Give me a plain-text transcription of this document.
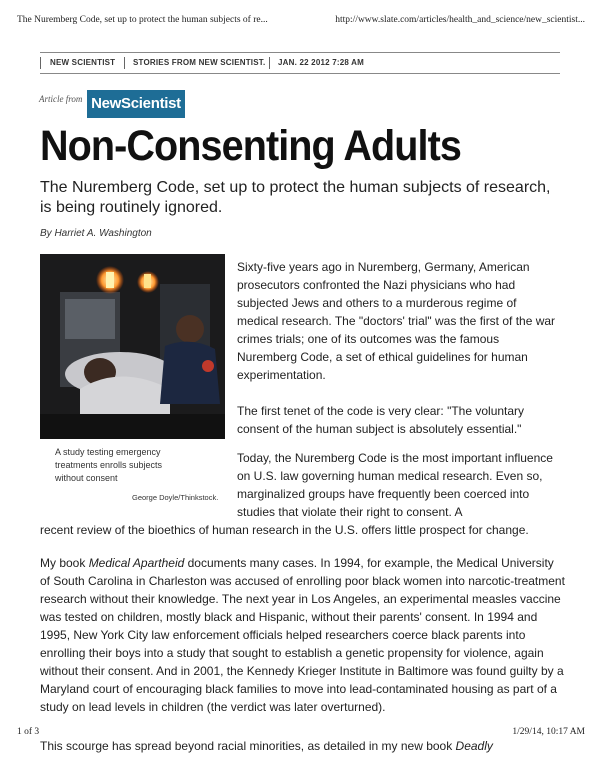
The Nuremberg Code, set up to protect the human subjects of re...	http://www.slate.com/articles/health_and_science/new_scientist...
NEW SCIENTIST STORIES FROM NEW SCIENTIST. JAN. 22 2012 7:28 AM
Article from NewScientist
Non-Consenting Adults

The Nuremberg Code, set up to protect the human subjects of research, is being routinely ignored.

By Harriet A. Washington
A study testing emergency treatments enrolls subjects without consent
George Doyle/Thinkstock.

Sixty-five years ago in Nuremberg, Germany, American prosecutors confronted the Nazi physicians who had subjected Jews and others to a murderous regime of medical research. The "doctors' trial" was the first of the war crimes trials; one of its outcomes was the famous Nuremberg Code, a set of ethical guidelines for human experimentation.

The first tenet of the code is very clear: "The voluntary consent of the human subject is absolutely essential."

Today, the Nuremberg Code is the most important influence on U.S. law governing human medical research. Even so, marginalized groups have frequently been coerced into studies that violate their right to consent. A

recent review of the bioethics of human research in the U.S. offers little prospect for change.

My book Medical Apartheid documents many cases. In 1994, for example, the Medical University of South Carolina in Charleston was accused of enrolling poor black women into narcotic-treatment research without their knowledge. The next year in Los Angeles, an experimental measles vaccine was tested on children, mostly black and Hispanic, without their parents' consent. In 1994 and 1995, New York City law enforcement officials helped researchers coerce black parents into enrolling their boys into a study that sought to establish a genetic propensity for violence, again without their consent. And in 2001, the Kennedy Krieger Institute in Baltimore was found guilty by a Maryland court of encouraging black families to move into lead-contaminated housing as part of a study on lead levels in children (the verdict was later overturned).

1 of 3	1/29/14, 10:17 AM

This scourge has spread beyond racial minorities, as detailed in my new book Deadly
